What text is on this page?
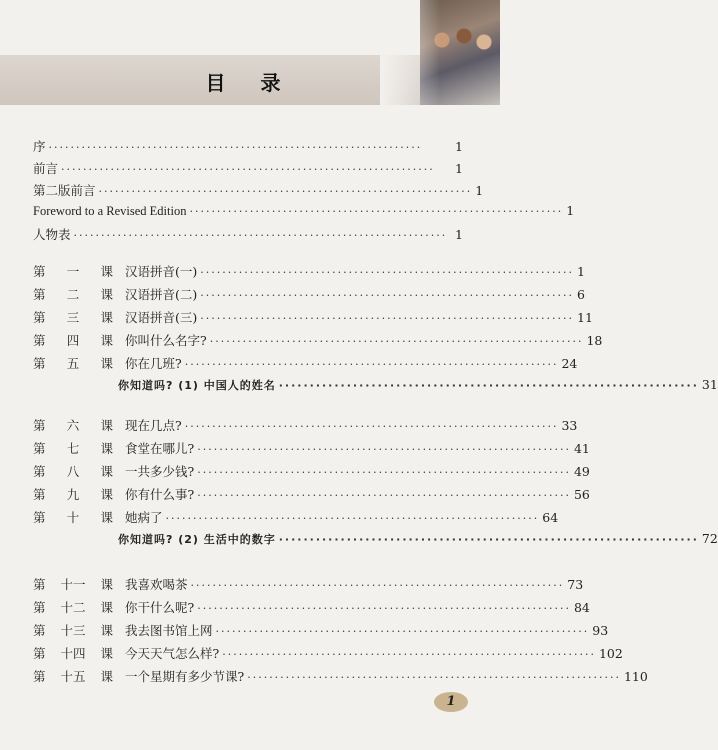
目 录
序 ····································································	1
前言 ····································································	1
第二版前言 ···································································· 1
Foreword to a Revised Edition ···································································· 1
人物表 ···································································· 1
第 一 课 汉语拼音(一) ···································································· 1
第 二 课 汉语拼音(二) ···································································· 6
第 三 课 汉语拼音(三) ···································································· 11
第 四 课 你叫什么名字? ···································································· 18
第 五 课 你在几班? ···································································· 24
你知道吗? (1) 中国人的姓名 ···································································· 31
第 六 课 现在几点? ···································································· 33
第 七 课 食堂在哪儿? ···································································· 41
第 八 课 一共多少钱? ···································································· 49
第 九 课 你有什么事? ···································································· 56
第 十 课 她病了 ···································································· 64
你知道吗? (2) 生活中的数字 ···································································· 72
第 十一 课 我喜欢喝茶 ···································································· 73
第 十二 课 你干什么呢? ···································································· 84
第 十三 课 我去图书馆上网 ···································································· 93
第 十四 课 今天天气怎么样? ···································································· 102
第 十五 课 一个星期有多少节课? ···································································· 110
1
